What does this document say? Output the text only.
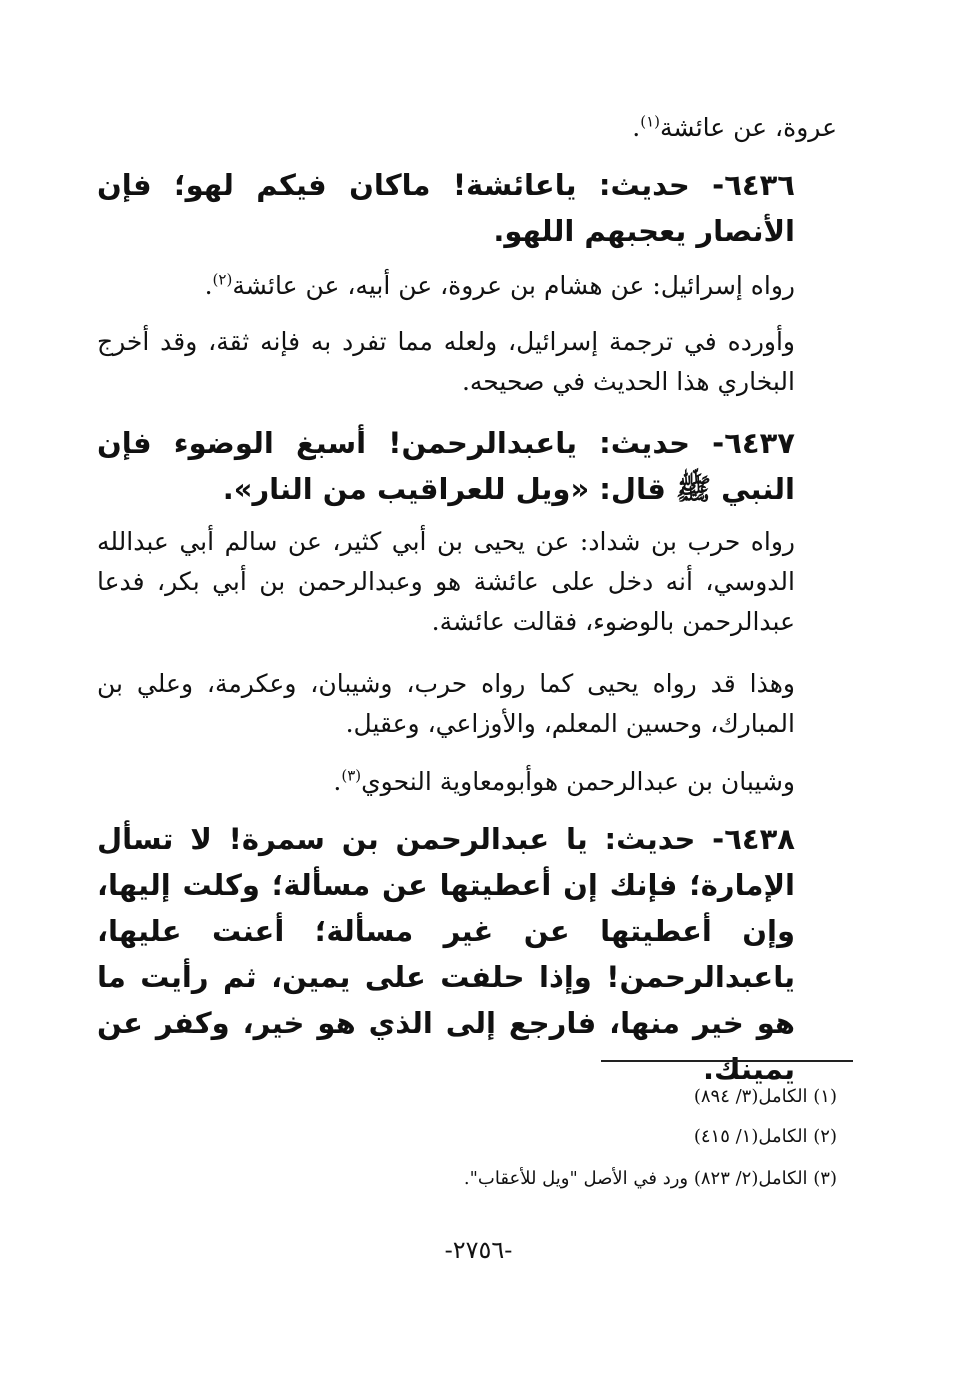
عروة، عن عائشة$^{(١)}$.
٦٤٣٦- حديث: ياعائشة! ماكان فيكم لهو؛ فإن الأنصار يعجبهم اللهو.
رواه إسرائيل: عن هشام بن عروة، عن أبيه، عن عائشة$^{(٢)}$.
وأورده في ترجمة إسرائيل، ولعله مما تفرد به فإنه ثقة، وقد أخرج البخاري هذا الحديث في صحيحه.
٦٤٣٧- حديث: ياعبدالرحمن! أسبغ الوضوء فإن النبي ﷺ قال: «ويل للعراقيب من النار».
رواه حرب بن شداد: عن يحيى بن أبي كثير، عن سالم أبي عبدالله الدوسي، أنه دخل على عائشة هو وعبدالرحمن بن أبي بكر، فدعا عبدالرحمن بالوضوء، فقالت عائشة.
وهذا قد رواه يحيى كما رواه حرب، وشيبان، وعكرمة، وعلي بن المبارك، وحسين المعلم، والأوزاعي، وعقيل.
وشيبان بن عبدالرحمن هوأبومعاوية النحوي$^{(٣)}$.
٦٤٣٨- حديث: يا عبدالرحمن بن سمرة! لا تسأل الإمارة؛ فإنك إن أعطيتها عن مسألة؛ وكلت إليها، وإن أعطيتها عن غير مسألة؛ أعنت عليها، ياعبدالرحمن! وإذا حلفت على يمين، ثم رأيت ما هو خير منها، فارجع إلى الذي هو خير، وكفر عن يمينك.
(١) الكامل(٣/ ٨٩٤)
(٢) الكامل(١/ ٤١٥)
(٣) الكامل(٢/ ٨٢٣) ورد في الأصل "ويل للأعقاب".
-٢٧٥٦-
